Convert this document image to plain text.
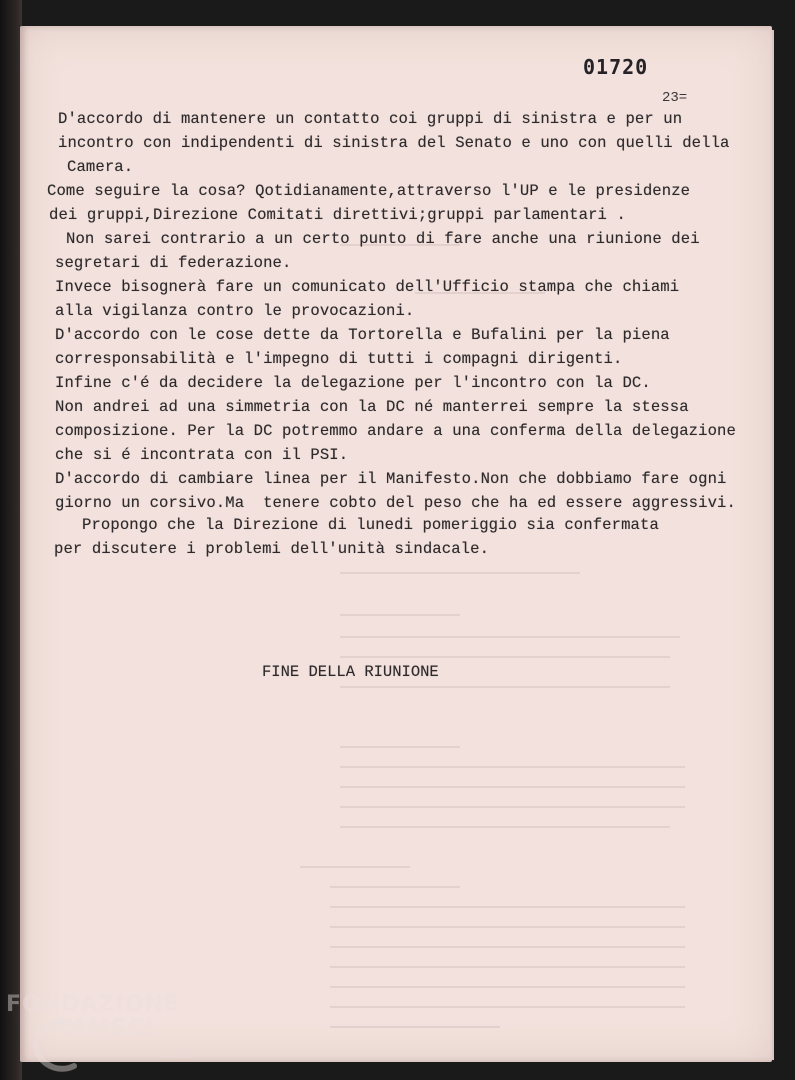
01720
23=
D'accordo di mantenere un contatto coi gruppi di sinistra e per un
incontro con indipendenti di sinistra del Senato e uno con quelli della
Camera.
Come seguire la cosa? Qotidianamente,attraverso l'UP e le presidenze
dei gruppi,Direzione Comitati direttivi;gruppi parlamentari .
Non sarei contrario a un certo punto di fare anche una riunione dei
segretari di federazione.
Invece bisognerà fare un comunicato dell'Ufficio stampa che chiami
alla vigilanza contro le provocazioni.
D'accordo con le cose dette da Tortorella e Bufalini per la piena
corresponsabilità e l'impegno di tutti i compagni dirigenti.
Infine c'é da decidere la delegazione per l'incontro con la DC.
Non andrei ad una simmetria con la DC né manterrei sempre la stessa
composizione. Per la DC potremmo andare a una conferma della delegazione
che si é incontrata con il PSI.
D'accordo di cambiare linea per il Manifesto.Non che dobbiamo fare ogni
giorno un corsivo.Ma  tenere cobto del peso che ha ed essere aggressivi.
Propongo che la Direzione di lunedi pomeriggio sia confermata
per discutere i problemi dell'unità sindacale.
FINE DELLA RIUNIONE
FONDAZIONE
RAMSCI
onlus
